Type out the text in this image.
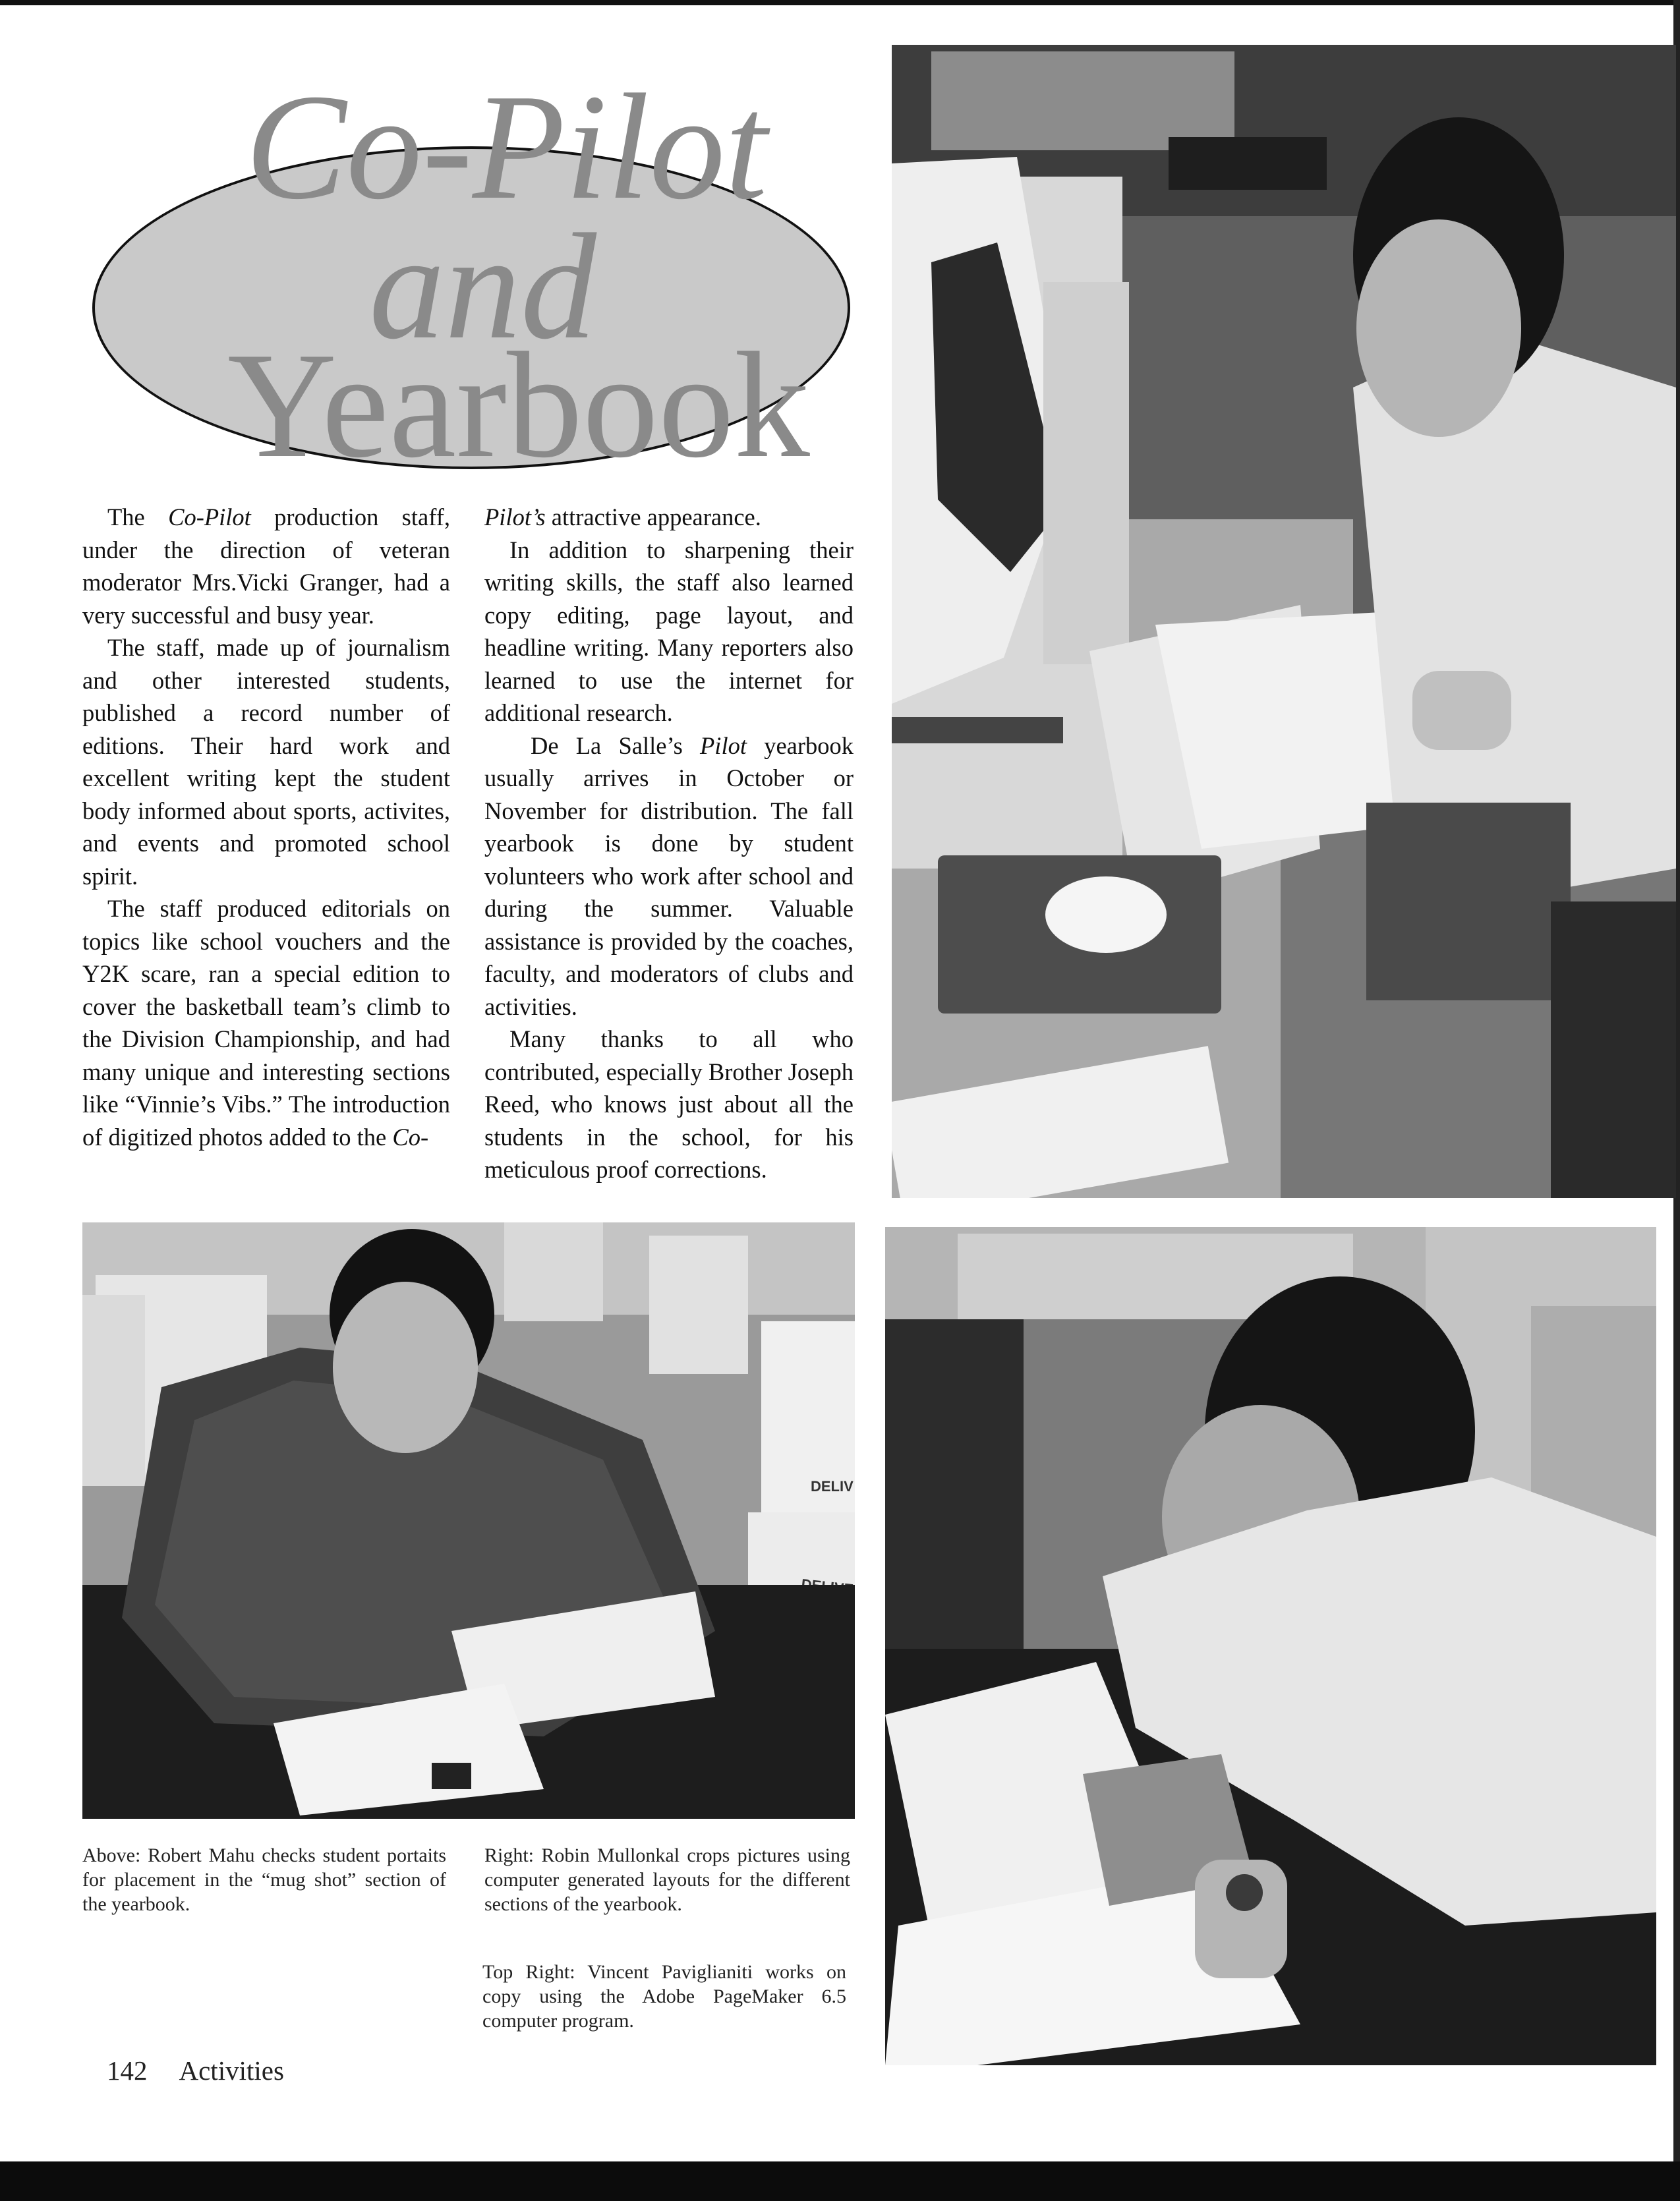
Co-Pilot
and
Yearbook

The Co-Pilot production staff, under the direction of veteran moderator Mrs.Vicki Granger, had a very successful and busy year.

The staff, made up of journalism and other interested students, published a record number of editions. Their hard work and excellent writing kept the student body informed about sports, activites, and events and promoted school spirit.

The staff produced editorials on topics like school vouchers and the Y2K scare, ran a special edition to cover the basketball team’s climb to the Division Championship, and had many unique and interesting sections like “Vinnie’s Vibs.” The introduction of digitized photos added to the Co-

Pilot’s attractive appearance.

In addition to sharpening their writing skills, the staff also learned copy editing, page layout, and headline writing. Many reporters also learned to use the internet for additional research.

De La Salle’s Pilot yearbook usually arrives in October or November for distribution. The fall yearbook is done by student volunteers who work after school and during the summer. Valuable assistance is provided by the coaches, faculty, and moderators of clubs and activities.

Many thanks to all who contributed, especially Brother Joseph Reed, who knows just about all the students in the school, for his meticulous proof corrections.

DELIV
Above: Robert Mahu checks student portaits for placement in the “mug shot” section of the yearbook.
Right: Robin Mullonkal crops pictures using computer generated layouts for the different sections of the yearbook.
Top Right: Vincent Paviglianiti works on copy using the Adobe PageMaker 6.5 computer program.
142 Activities
